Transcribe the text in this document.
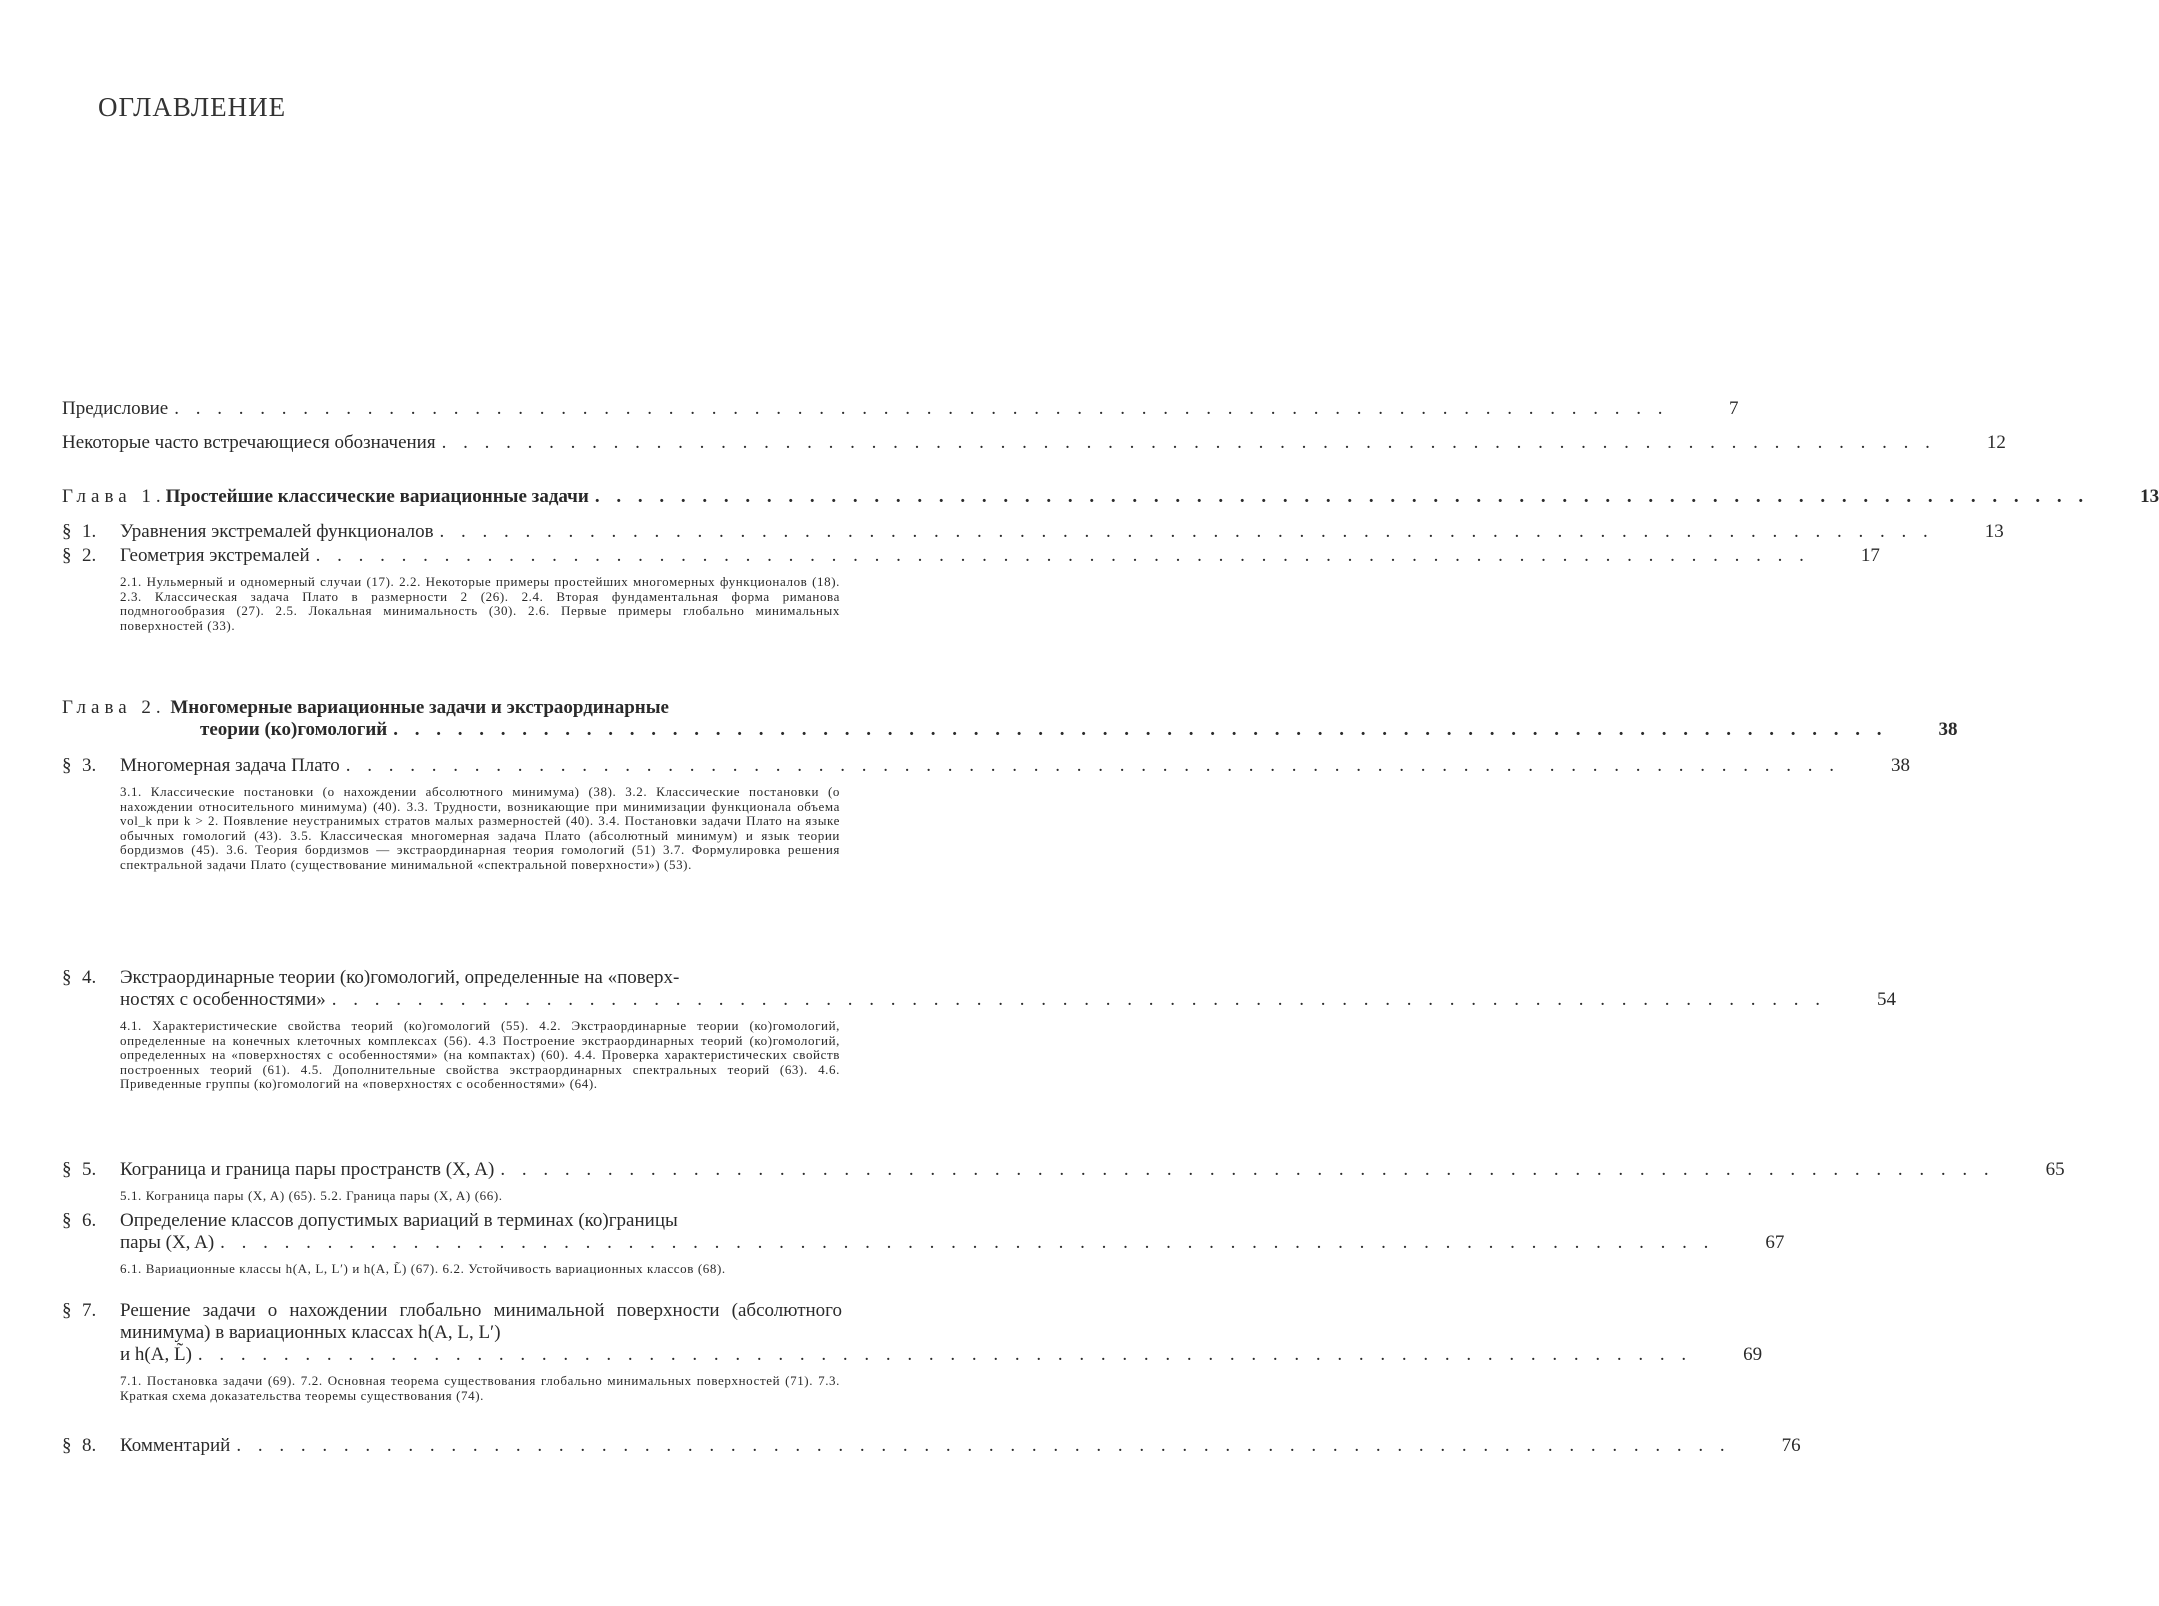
ОГЛАВЛЕНИЕ
Предисловие . . . . . . . . . . . . . . . . . . . . . . . . . . . . . . . . . . . . . . . . . . . . . . . . . . . . . . . . . . . . . . . . . . . . . .	7
Некоторые часто встречающиеся обозначения . . . . . . . . . . . . . . . . . . . . . . . . . . . . . . . . . . . . . . . . . . . . . . . . . . . . . . . . . . . . . . . . . . . . . .	12
Глава 1. Простейшие классические вариационные задачи . . . . . . . . . . . . . . . . . . . . . . . . . . . . . . . . . . . . . . . . . . . . . . . . . . . . . . . . . . . . . . . . . . . . . .	13
§ 1.	Уравнения экстремалей функционалов . . . . . . . . . . . . . . . . . . . . . . . . . . . . . . . . . . . . . . . . . . . . . . . . . . . . . . . . . . . . . . . . . . . . . .	13
§ 2.	Геометрия экстремалей . . . . . . . . . . . . . . . . . . . . . . . . . . . . . . . . . . . . . . . . . . . . . . . . . . . . . . . . . . . . . . . . . . . . . .	17
2.1. Нульмерный и одномерный случаи (17). 2.2. Некоторые примеры простейших многомерных функционалов (18). 2.3. Классическая задача Плато в размерности 2 (26). 2.4. Вторая фундаментальная форма риманова подмногообразия (27). 2.5. Локальная минимальность (30). 2.6. Первые примеры глобально минимальных поверхностей (33).
Глава 2. Многомерные вариационные задачи и экстраординарные
теории (ко)гомологий . . . . . . . . . . . . . . . . . . . . . . . . . . . . . . . . . . . . . . . . . . . . . . . . . . . . . . . . . . . . . . . . . . . . . .	38
§ 3.	Многомерная задача Плато . . . . . . . . . . . . . . . . . . . . . . . . . . . . . . . . . . . . . . . . . . . . . . . . . . . . . . . . . . . . . . . . . . . . . .	38
3.1. Классические постановки (о нахождении абсолютного минимума) (38). 3.2. Классические постановки (о нахождении относительного минимума) (40). 3.3. Трудности, возникающие при минимизации функционала объема vol_k при k > 2. Появление неустранимых стратов малых размерностей (40). 3.4. Постановки задачи Плато на языке обычных гомологий (43). 3.5. Классическая многомерная задача Плато (абсолютный минимум) и язык теории бордизмов (45). 3.6. Теория бордизмов — экстраординарная теория гомологий (51) 3.7. Формулировка решения спектральной задачи Плато (существование минимальной «спектральной поверхности») (53).
§ 4.	Экстраординарные теории (ко)гомологий, определенные на «поверх-
ностях с особенностями» . . . . . . . . . . . . . . . . . . . . . . . . . . . . . . . . . . . . . . . . . . . . . . . . . . . . . . . . . . . . . . . . . . . . . .	54
4.1. Характеристические свойства теорий (ко)гомологий (55). 4.2. Экстраординарные теории (ко)гомологий, определенные на конечных клеточных комплексах (56). 4.3 Построение экстраординарных теорий (ко)гомологий, определенных на «поверхностях с особенностями» (на компактах) (60). 4.4. Проверка характеристических свойств построенных теорий (61). 4.5. Дополнительные свойства экстраординарных спектральных теорий (63). 4.6. Приведенные группы (ко)гомологий на «поверхностях с особенностями» (64).
§ 5.	Кограница и граница пары пространств (X, A) . . . . . . . . . . . . . . . . . . . . . . . . . . . . . . . . . . . . . . . . . . . . . . . . . . . . . . . . . . . . . . . . . . . . . .	65
5.1. Кограница пары (X, A) (65). 5.2. Граница пары (X, A) (66).
§ 6.	Определение классов допустимых вариаций в терминах (ко)границы
пары (X, A) . . . . . . . . . . . . . . . . . . . . . . . . . . . . . . . . . . . . . . . . . . . . . . . . . . . . . . . . . . . . . . . . . . . . . .	67
6.1. Вариационные классы h(A, L, L′) и h(A, L̃) (67). 6.2. Устойчивость вариационных классов (68).
§ 7.	Решение задачи о нахождении глобально минимальной поверхности (абсолютного минимума) в вариационных классах h(A, L, L′)
и h(A, L̃) . . . . . . . . . . . . . . . . . . . . . . . . . . . . . . . . . . . . . . . . . . . . . . . . . . . . . . . . . . . . . . . . . . . . . .	69
7.1. Постановка задачи (69). 7.2. Основная теорема существования глобально минимальных поверхностей (71). 7.3. Краткая схема доказательства теоремы существования (74).
§ 8.	Комментарий . . . . . . . . . . . . . . . . . . . . . . . . . . . . . . . . . . . . . . . . . . . . . . . . . . . . . . . . . . . . . . . . . . . . . .	76
